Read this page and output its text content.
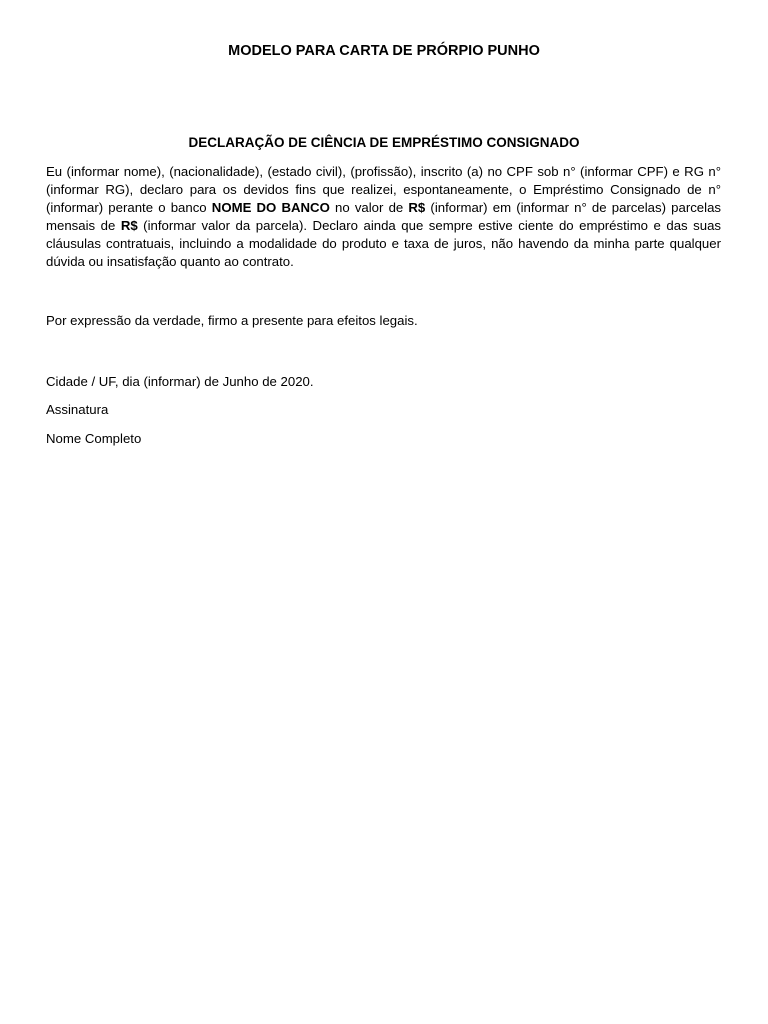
MODELO PARA CARTA DE PRÓRPIO PUNHO
DECLARAÇÃO DE CIÊNCIA DE EMPRÉSTIMO CONSIGNADO

Eu (informar nome), (nacionalidade), (estado civil), (profissão), inscrito (a) no CPF sob n° (informar CPF) e RG n° (informar RG), declaro para os devidos fins que realizei, espontaneamente, o Empréstimo Consignado de n° (informar) perante o banco NOME DO BANCO no valor de R$ (informar) em (informar n° de parcelas) parcelas mensais de R$ (informar valor da parcela). Declaro ainda que sempre estive ciente do empréstimo e das suas cláusulas contratuais, incluindo a modalidade do produto e taxa de juros, não havendo da minha parte qualquer dúvida ou insatisfação quanto ao contrato.

Por expressão da verdade, firmo a presente para efeitos legais.

Cidade / UF, dia (informar) de Junho de 2020.

Assinatura

Nome Completo
